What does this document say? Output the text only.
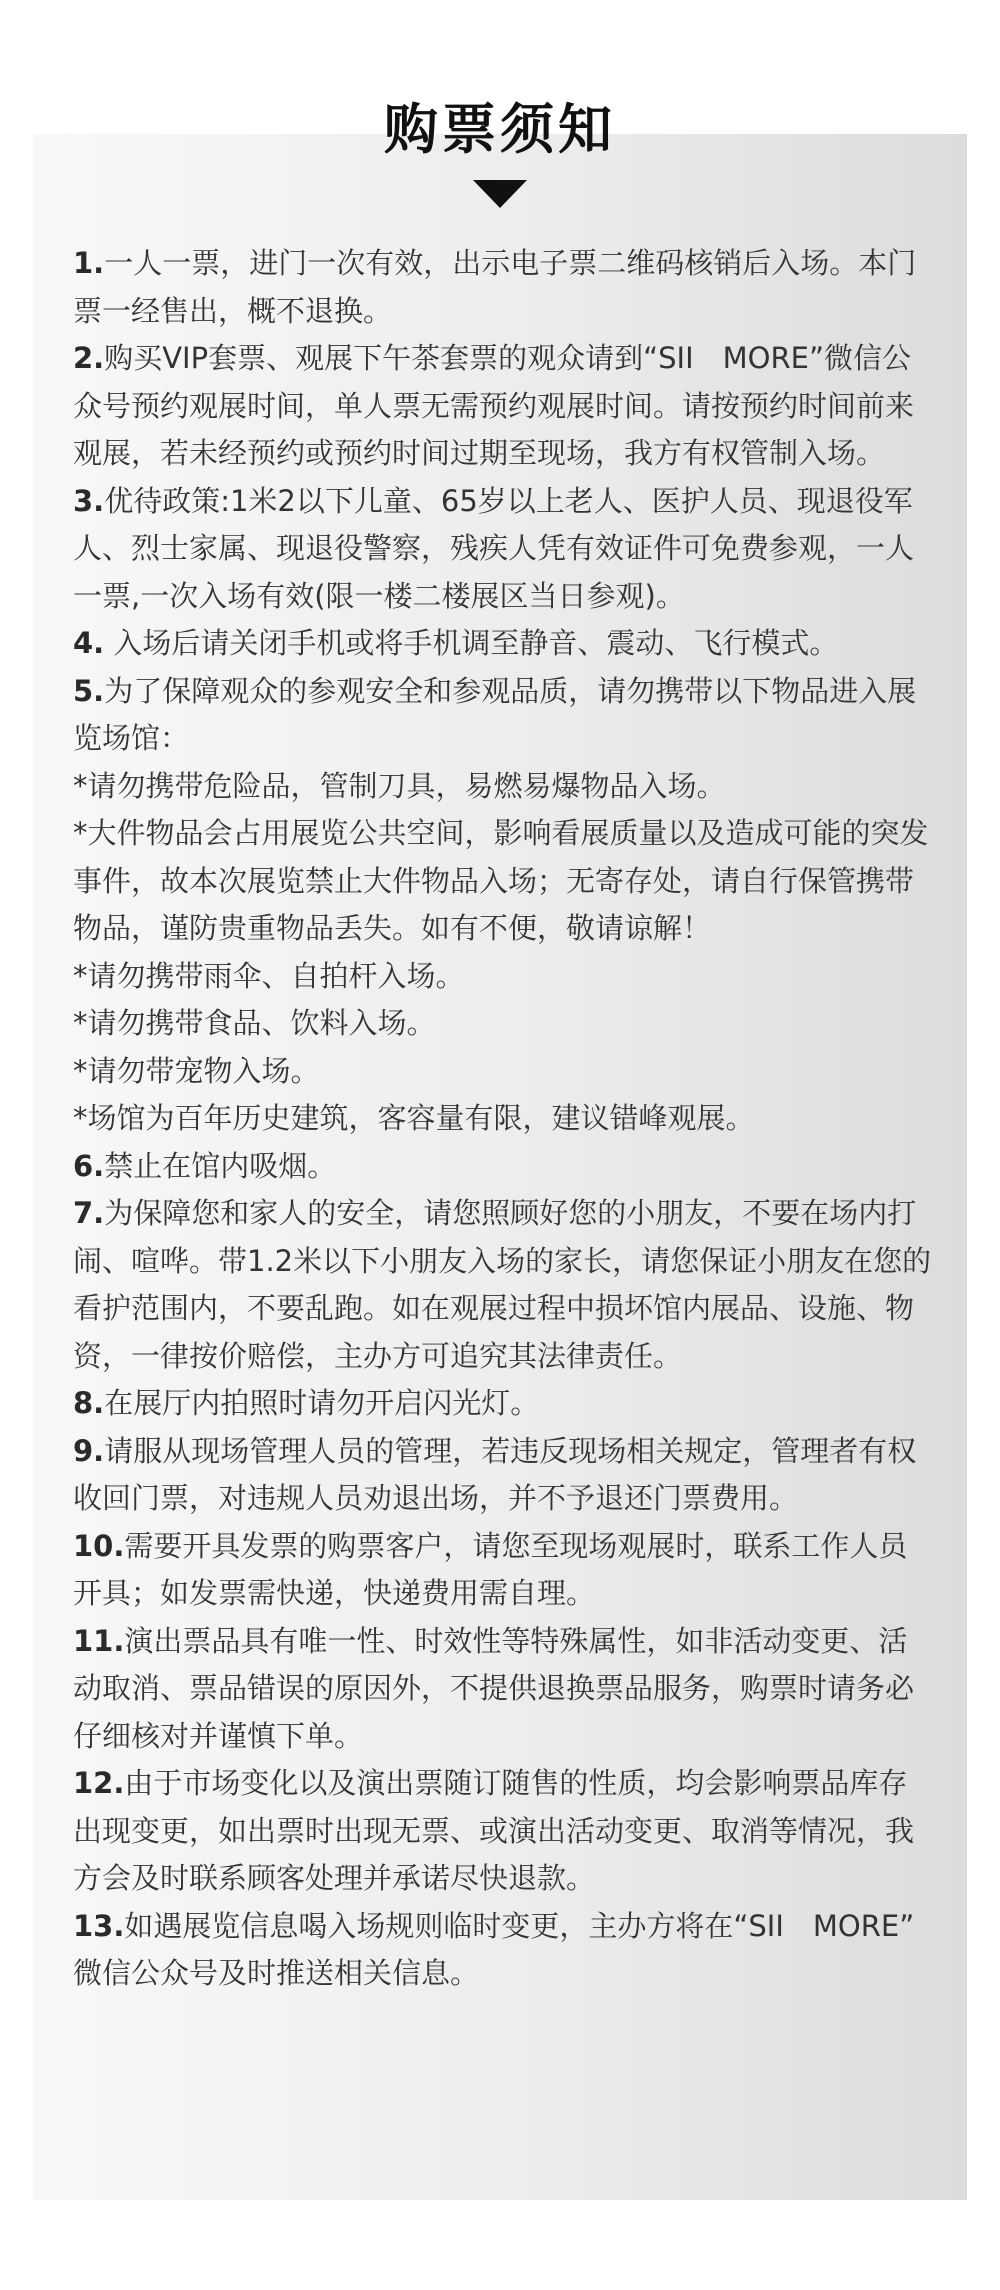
购票须知

1.一人一票，进门一次有效，出示电子票二维码核销后入场。本门票一经售出，概不退换。

2.购买VIP套票、观展下午茶套票的观众请到“SII　MORE”微信公众号预约观展时间，单人票无需预约观展时间。请按预约时间前来观展，若未经预约或预约时间过期至现场，我方有权管制入场。

3.优待政策:1米2以下儿童、65岁以上老人、医护人员、现退役军人、烈士家属、现退役警察，残疾人凭有效证件可免费参观，一人一票,一次入场有效(限一楼二楼展区当日参观)。

4. 入场后请关闭手机或将手机调至静音、震动、飞行模式。

5.为了保障观众的参观安全和参观品质，请勿携带以下物品进入展览场馆：

*请勿携带危险品，管制刀具，易燃易爆物品入场。

*大件物品会占用展览公共空间，影响看展质量以及造成可能的突发事件，故本次展览禁止大件物品入场；无寄存处，请自行保管携带物品，谨防贵重物品丢失。如有不便，敬请谅解！

*请勿携带雨伞、自拍杆入场。

*请勿携带食品、饮料入场。

*请勿带宠物入场。

*场馆为百年历史建筑，客容量有限，建议错峰观展。

6.禁止在馆内吸烟。

7.为保障您和家人的安全，请您照顾好您的小朋友，不要在场内打闹、喧哗。带1.2米以下小朋友入场的家长，请您保证小朋友在您的看护范围内，不要乱跑。如在观展过程中损坏馆内展品、设施、物资，一律按价赔偿，主办方可追究其法律责任。

8.在展厅内拍照时请勿开启闪光灯。

9.请服从现场管理人员的管理，若违反现场相关规定，管理者有权收回门票，对违规人员劝退出场，并不予退还门票费用。

10.需要开具发票的购票客户，请您至现场观展时，联系工作人员开具；如发票需快递，快递费用需自理。

11.演出票品具有唯一性、时效性等特殊属性，如非活动变更、活动取消、票品错误的原因外，不提供退换票品服务，购票时请务必仔细核对并谨慎下单。

12.由于市场变化以及演出票随订随售的性质，均会影响票品库存出现变更，如出票时出现无票、或演出活动变更、取消等情况，我方会及时联系顾客处理并承诺尽快退款。

13.如遇展览信息喝入场规则临时变更，主办方将在“SII　MORE”微信公众号及时推送相关信息。
